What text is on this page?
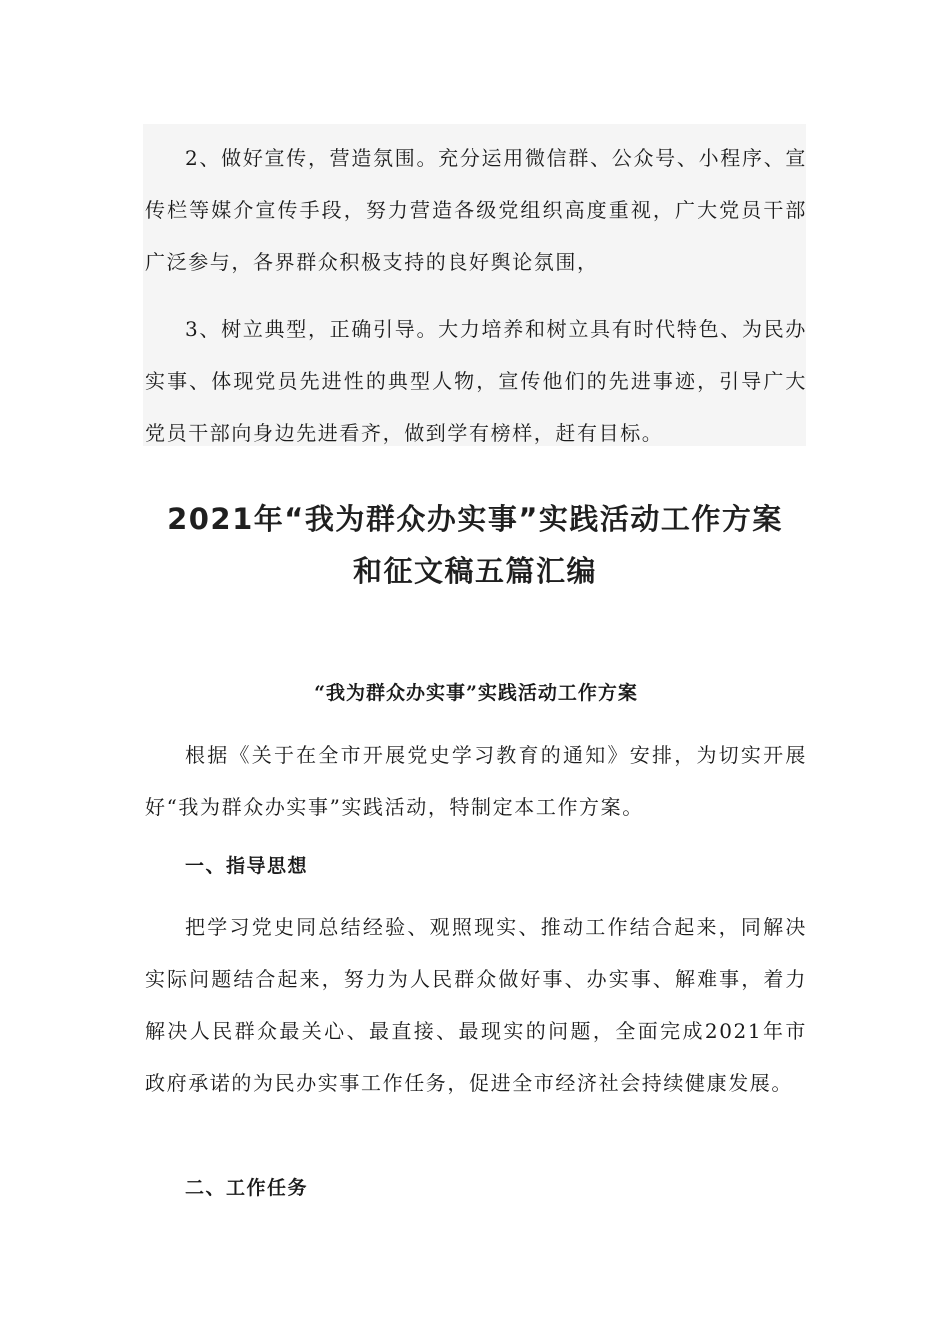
2、做好宣传，营造氛围。充分运用微信群、公众号、小程序、宣传栏等媒介宣传手段，努力营造各级党组织高度重视，广大党员干部广泛参与，各界群众积极支持的良好舆论氛围，

3、树立典型，正确引导。大力培养和树立具有时代特色、为民办实事、体现党员先进性的典型人物，宣传他们的先进事迹，引导广大党员干部向身边先进看齐，做到学有榜样，赶有目标。

2021年“我为群众办实事”实践活动工作方案
和征文稿五篇汇编
“我为群众办实事”实践活动工作方案

根据《关于在全市开展党史学习教育的通知》安排，为切实开展好“我为群众办实事”实践活动，特制定本工作方案。

一、指导思想

把学习党史同总结经验、观照现实、推动工作结合起来，同解决实际问题结合起来，努力为人民群众做好事、办实事、解难事，着力解决人民群众最关心、最直接、最现实的问题，全面完成2021年市政府承诺的为民办实事工作任务，促进全市经济社会持续健康发展。

二、工作任务
